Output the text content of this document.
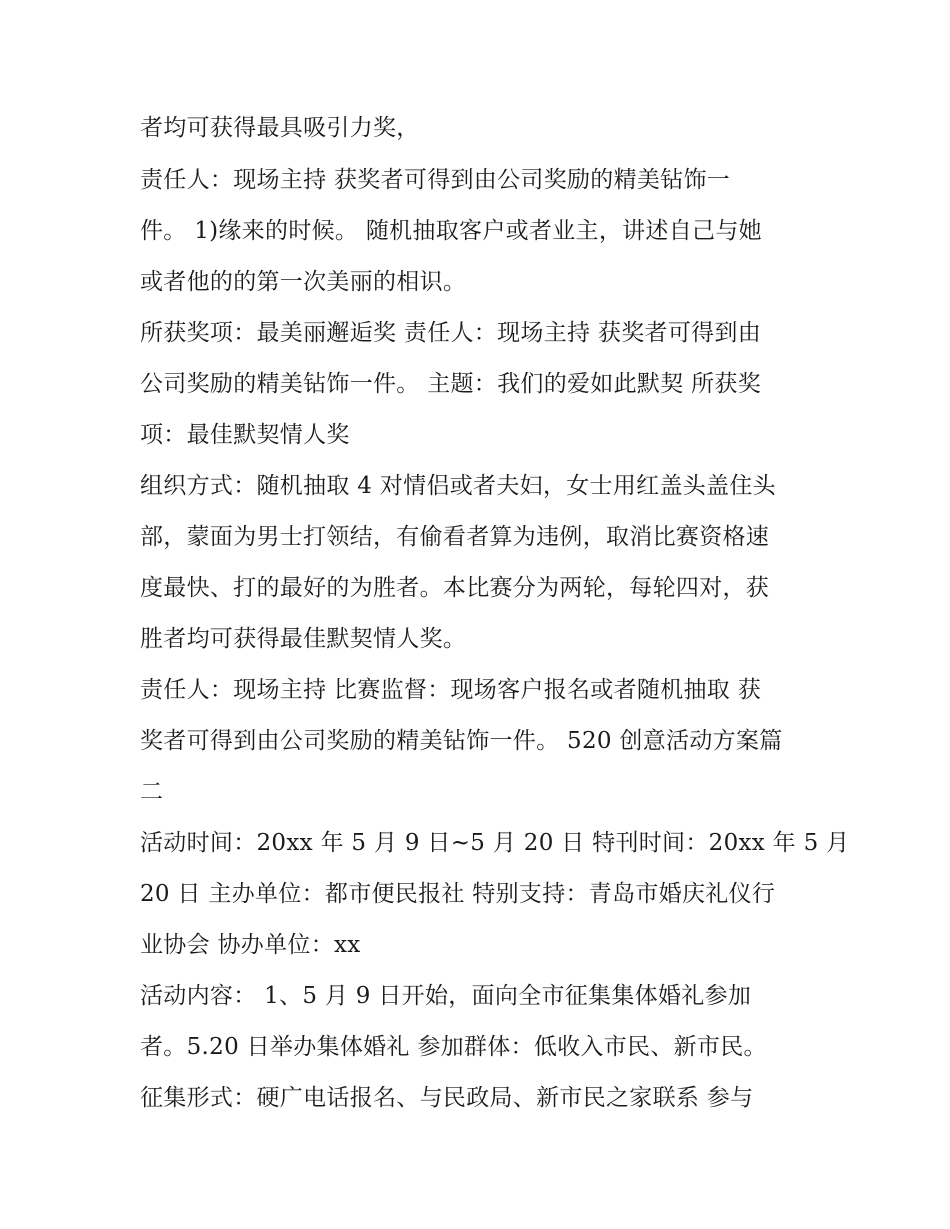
者均可获得最具吸引力奖，
责任人：现场主持 获奖者可得到由公司奖励的精美钻饰一
件。 1)缘来的时候。 随机抽取客户或者业主，讲述自己与她
或者他的的第一次美丽的相识。
所获奖项：最美丽邂逅奖 责任人：现场主持 获奖者可得到由
公司奖励的精美钻饰一件。 主题：我们的爱如此默契 所获奖
项：最佳默契情人奖
组织方式：随机抽取 4 对情侣或者夫妇，女士用红盖头盖住头
部，蒙面为男士打领结，有偷看者算为违例，取消比赛资格速
度最快、打的最好的为胜者。本比赛分为两轮，每轮四对，获
胜者均可获得最佳默契情人奖。
责任人：现场主持 比赛监督：现场客户报名或者随机抽取 获
奖者可得到由公司奖励的精美钻饰一件。 520 创意活动方案篇
二
活动时间：20xx 年 5 月 9 日~5 月 20 日 特刊时间：20xx 年 5 月
20 日 主办单位：都市便民报社 特别支持：青岛市婚庆礼仪行
业协会 协办单位：xx
活动内容： 1、5 月 9 日开始，面向全市征集集体婚礼参加
者。5.20 日举办集体婚礼 参加群体：低收入市民、新市民。
征集形式：硬广电话报名、与民政局、新市民之家联系 参与
